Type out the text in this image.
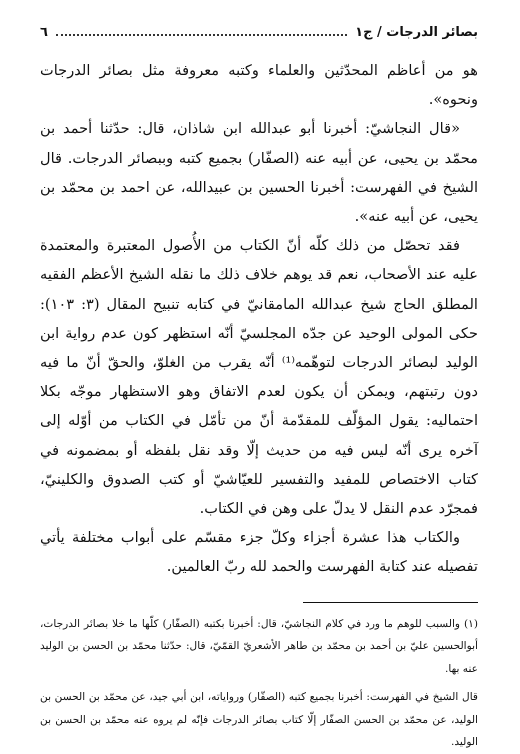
بصائر الدرجات / ج١
٦

هو من أعاظم المحدّثين والعلماء وكتبه معروفة مثل بصائر الدرجات ونحوه».

«قال النجاشيّ: أخبرنا أبو عبدالله ابن شاذان، قال: حدّثنا أحمد بن محمّد بن يحيى، عن أبيه عنه (الصفّار) بجميع كتبه وببصائر الدرجات. قال الشيخ في الفهرست: أخبرنا الحسين بن عبيدالله، عن احمد بن محمّد بن يحيى، عن أبيه عنه».

فقد تحصّل من ذلك كلّه أنّ الكتاب من الأُصول المعتبرة والمعتمدة عليه عند الأصحاب، نعم قد يوهم خلاف ذلك ما نقله الشيخ الأعظم الفقيه المطلق الحاج شيخ عبدالله المامقانيّ في كتابه تنبيح المقال (٣: ١٠٣): حكى المولى الوحيد عن جدّه المجلسيّ أنّه استظهر كون عدم رواية ابن الوليد لبصائر الدرجات لتوهّمه⁽¹⁾ أنّه يقرب من الغلوّ، والحقّ أنّ ما فيه دون رتبتهم، ويمكن أن يكون لعدم الاتفاق وهو الاستظهار موجّه بكلا احتماليه: يقول المؤلّف للمقدّمة أنّ من تأمّل في الكتاب من أوّله إلى آخره يرى أنّه ليس فيه من حديث إلّا وقد نقل بلفظه أو بمضمونه في كتاب الاختصاص للمفيد والتفسير للعيّاشيّ أو كتب الصدوق والكلينيّ، فمجرّد عدم النقل لا يدلّ على وهن في الكتاب.

والكتاب هذا عشرة أجزاء وكلّ جزء مقسّم على أبواب مختلفة يأتي تفصيله عند كتابة الفهرست والحمد لله ربّ العالمين.

(١) والسبب للوهم ما ورد في كلام النجاشيّ، قال: أخبرنا بكتبه (الصفّار) كلّها ما خلا بصائر الدرجات، أبوالحسين عليّ بن أحمد بن محمّد بن طاهر الأشعريّ القمّيّ، قال: حدّثنا محمّد بن الحسن بن الوليد عنه بها.

قال الشيخ في الفهرست: أخبرنا بجميع كتبه (الصفّار) ورواياته، ابن أبي جيد، عن محمّد بن الحسن بن الوليد، عن محمّد بن الحسن الصفّار إلّا كتاب بصائر الدرجات فإنّه لم يروه عنه محمّد بن الحسن بن الوليد.
